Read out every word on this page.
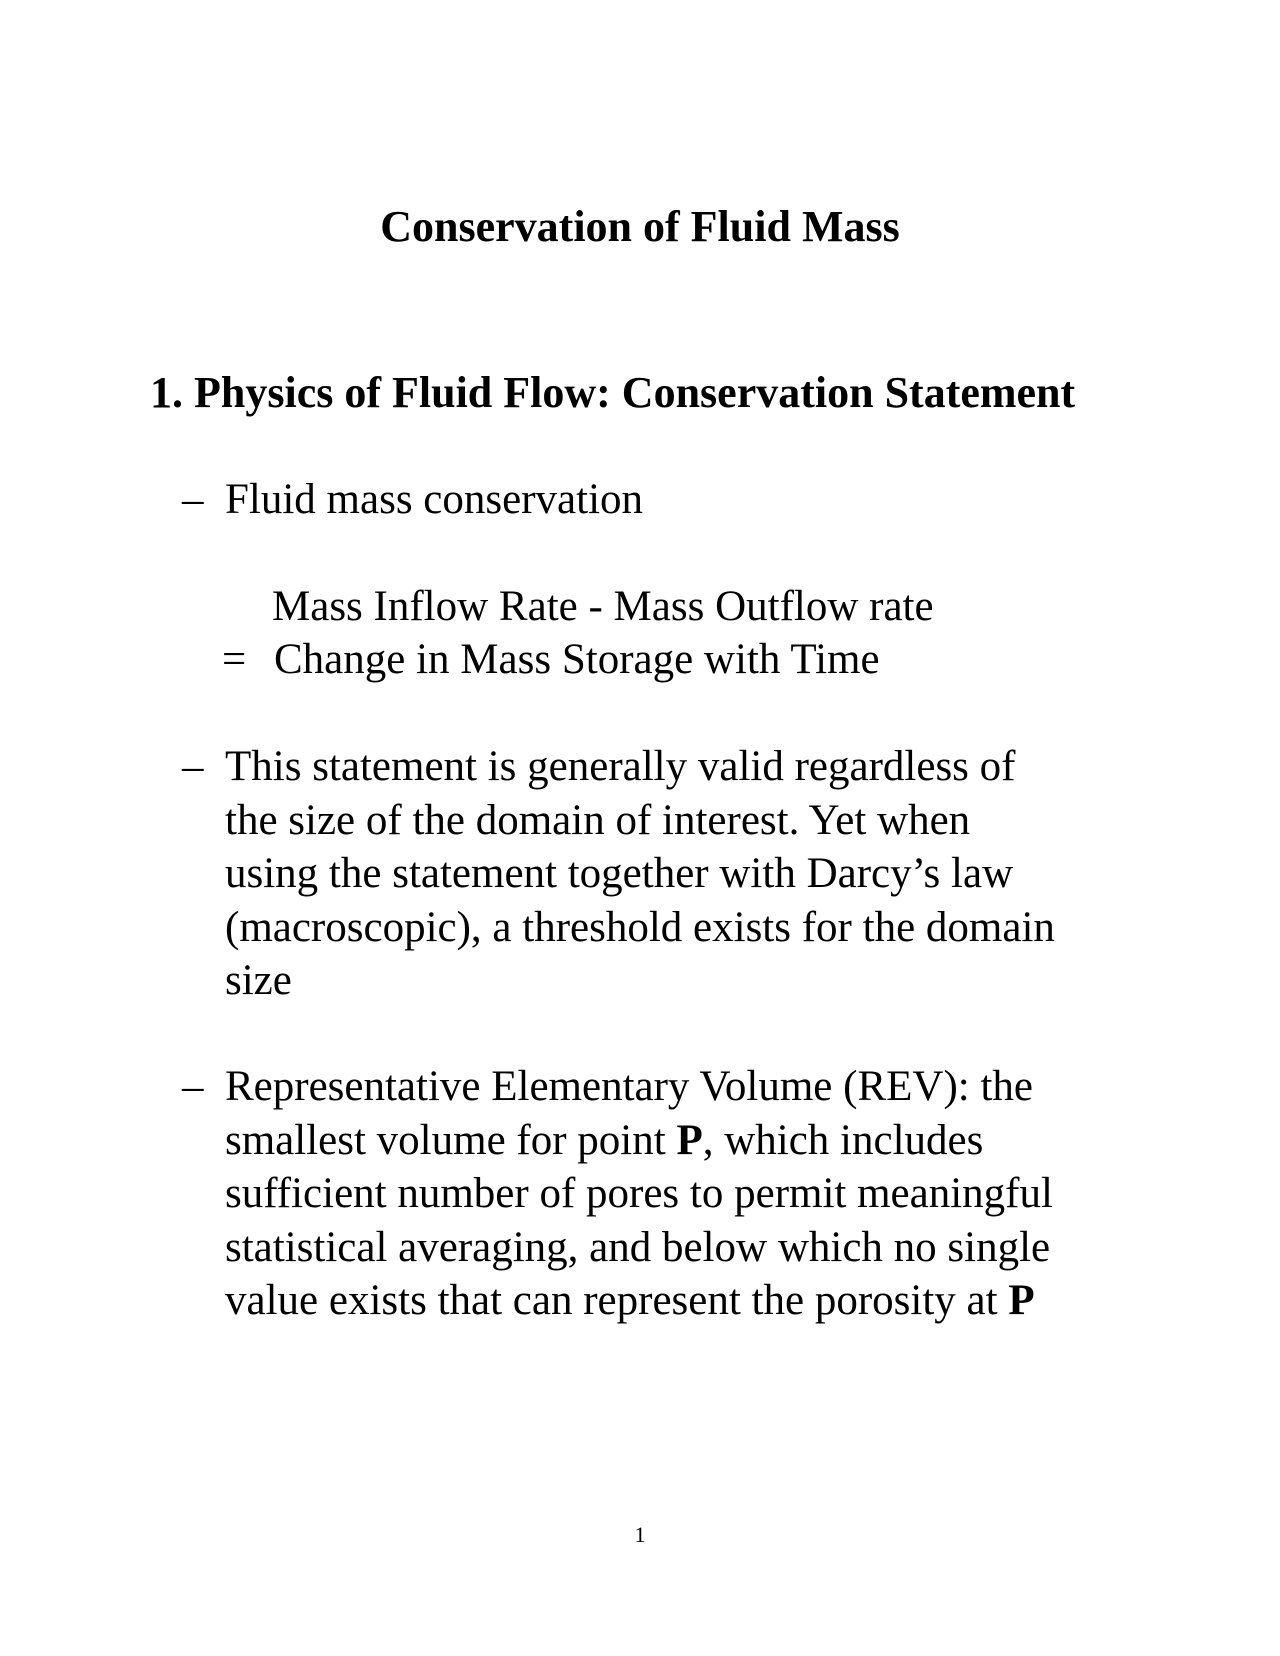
Conservation of Fluid Mass
1. Physics of Fluid Flow: Conservation Statement
– Fluid mass conservation
Mass Inflow Rate - Mass Outflow rate
= Change in Mass Storage with Time
– This statement is generally valid regardless of
the size of the domain of interest. Yet when
using the statement together with Darcy’s law
(macroscopic), a threshold exists for the domain
size
– Representative Elementary Volume (REV): the
smallest volume for point P, which includes
sufficient number of pores to permit meaningful
statistical averaging, and below which no single
value exists that can represent the porosity at P
1
